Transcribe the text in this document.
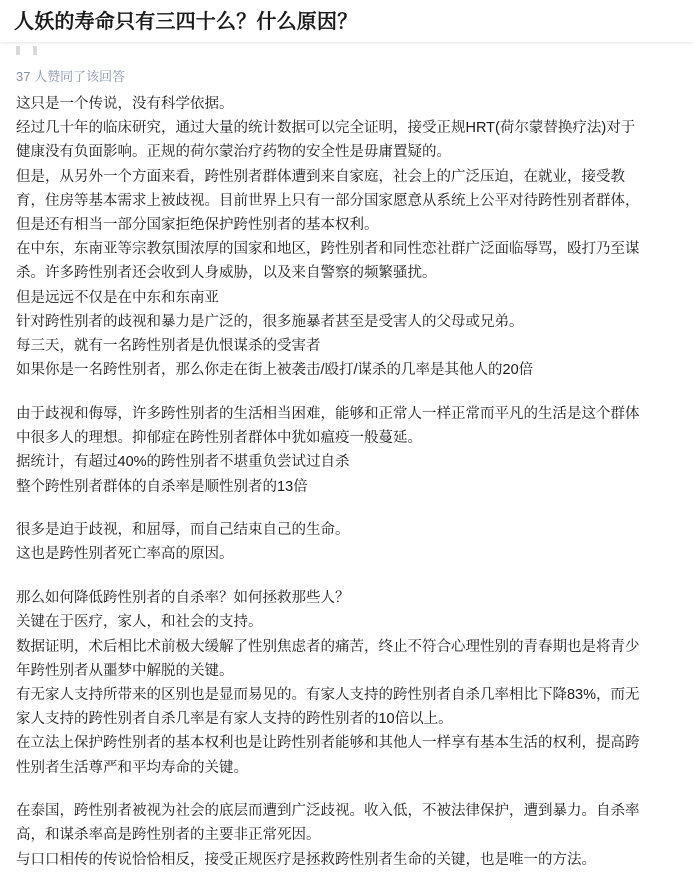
人妖的寿命只有三四十么？什么原因？
37 人赞同了该回答
这只是一个传说，没有科学依据。
经过几十年的临床研究，通过大量的统计数据可以完全证明，接受正规HRT(荷尔蒙替换疗法)对于
健康没有负面影响。正规的荷尔蒙治疗药物的安全性是毋庸置疑的。
但是，从另外一个方面来看，跨性别者群体遭到来自家庭，社会上的广泛压迫，在就业，接受教
育，住房等基本需求上被歧视。目前世界上只有一部分国家愿意从系统上公平对待跨性别者群体，
但是还有相当一部分国家拒绝保护跨性别者的基本权利。
在中东，东南亚等宗教氛围浓厚的国家和地区，跨性别者和同性恋社群广泛面临辱骂，殴打乃至谋
杀。许多跨性别者还会收到人身威胁，以及来自警察的频繁骚扰。
但是远远不仅是在中东和东南亚
针对跨性别者的歧视和暴力是广泛的，很多施暴者甚至是受害人的父母或兄弟。
每三天，就有一名跨性别者是仇恨谋杀的受害者
如果你是一名跨性别者，那么你走在街上被袭击/殴打/谋杀的几率是其他人的20倍
由于歧视和侮辱，许多跨性别者的生活相当困难，能够和正常人一样正常而平凡的生活是这个群体
中很多人的理想。抑郁症在跨性别者群体中犹如瘟疫一般蔓延。
据统计，有超过40%的跨性别者不堪重负尝试过自杀
整个跨性别者群体的自杀率是顺性别者的13倍
很多是迫于歧视，和屈辱，而自己结束自己的生命。
这也是跨性别者死亡率高的原因。
那么如何降低跨性别者的自杀率？如何拯救那些人？
关键在于医疗，家人，和社会的支持。
数据证明，术后相比术前极大缓解了性别焦虑者的痛苦，终止不符合心理性别的青春期也是将青少
年跨性别者从噩梦中解脱的关键。
有无家人支持所带来的区别也是显而易见的。有家人支持的跨性别者自杀几率相比下降83%，而无
家人支持的跨性别者自杀几率是有家人支持的跨性别者的10倍以上。
在立法上保护跨性别者的基本权利也是让跨性别者能够和其他人一样享有基本生活的权利，提高跨
性别者生活尊严和平均寿命的关键。
在泰国，跨性别者被视为社会的底层而遭到广泛歧视。收入低，不被法律保护，遭到暴力。自杀率
高，和谋杀率高是跨性别者的主要非正常死因。
与口口相传的传说恰恰相反，接受正规医疗是拯救跨性别者生命的关键，也是唯一的方法。
